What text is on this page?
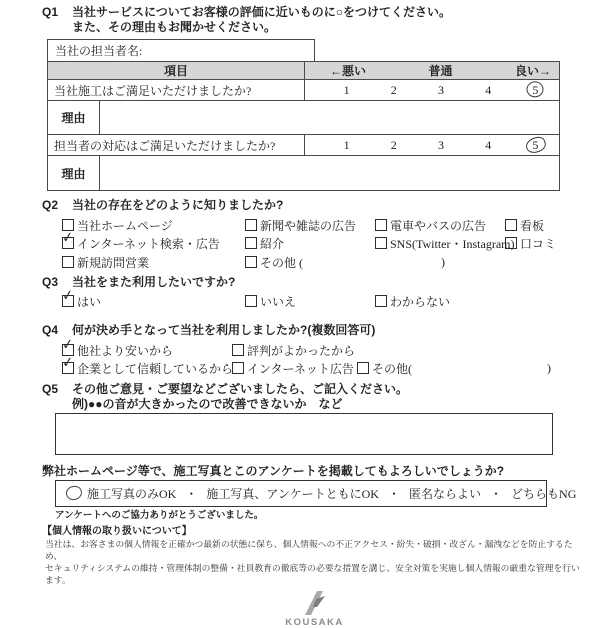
Q1	当社サービスについてお客様の評価に近いものに○をつけてください。
また、その理由もお聞かせください。
当社の担当者名:
項目	←悪い	普通	良い→
当社施工はご満足いただけましたか?	1	2	3	4	5
理由
担当者の対応はご満足いただけましたか?	1	2	3	4	5
理由
Q2	当社の存在をどのように知りましたか?
当社ホームページ	新聞や雑誌の広告	電車やバスの広告	看板
✓ インターネット検索・広告	紹介	SNS(Twitter・Instagram) 口コミ
新規訪問営業	その他 (	)
Q3	当社をまた利用したいですか?
✓ はい	いいえ	わからない
Q4	何が決め手となって当社を利用しましたか?(複数回答可)
✓ 他社より安いから	評判がよかったから
✓ 企業として信頼しているから	インターネット広告	その他(	)
Q5	その他ご意見・ご要望などございましたら、ご記入ください。
例)●●の音が大きかったので改善できないか　など
弊社ホームページ等で、施工写真とこのアンケートを掲載してもよろしいでしょうか?
施工写真のみOK ・ 施工写真、アンケートともにOK ・ 匿名ならよい ・ どちらもNG
アンケートへのご協力ありがとうございました。
【個人情報の取り扱いについて】
当社は、お客さまの個人情報を正確かつ最新の状態に保ち、個人情報への不正アクセス・紛失・破損・改ざん・漏洩などを防止するため、
セキュリティシステムの維持・管理体制の整備・社員教育の徹底等の必要な措置を講じ、安全対策を実施し個人情報の厳重な管理を行います。
KOUSAKA
